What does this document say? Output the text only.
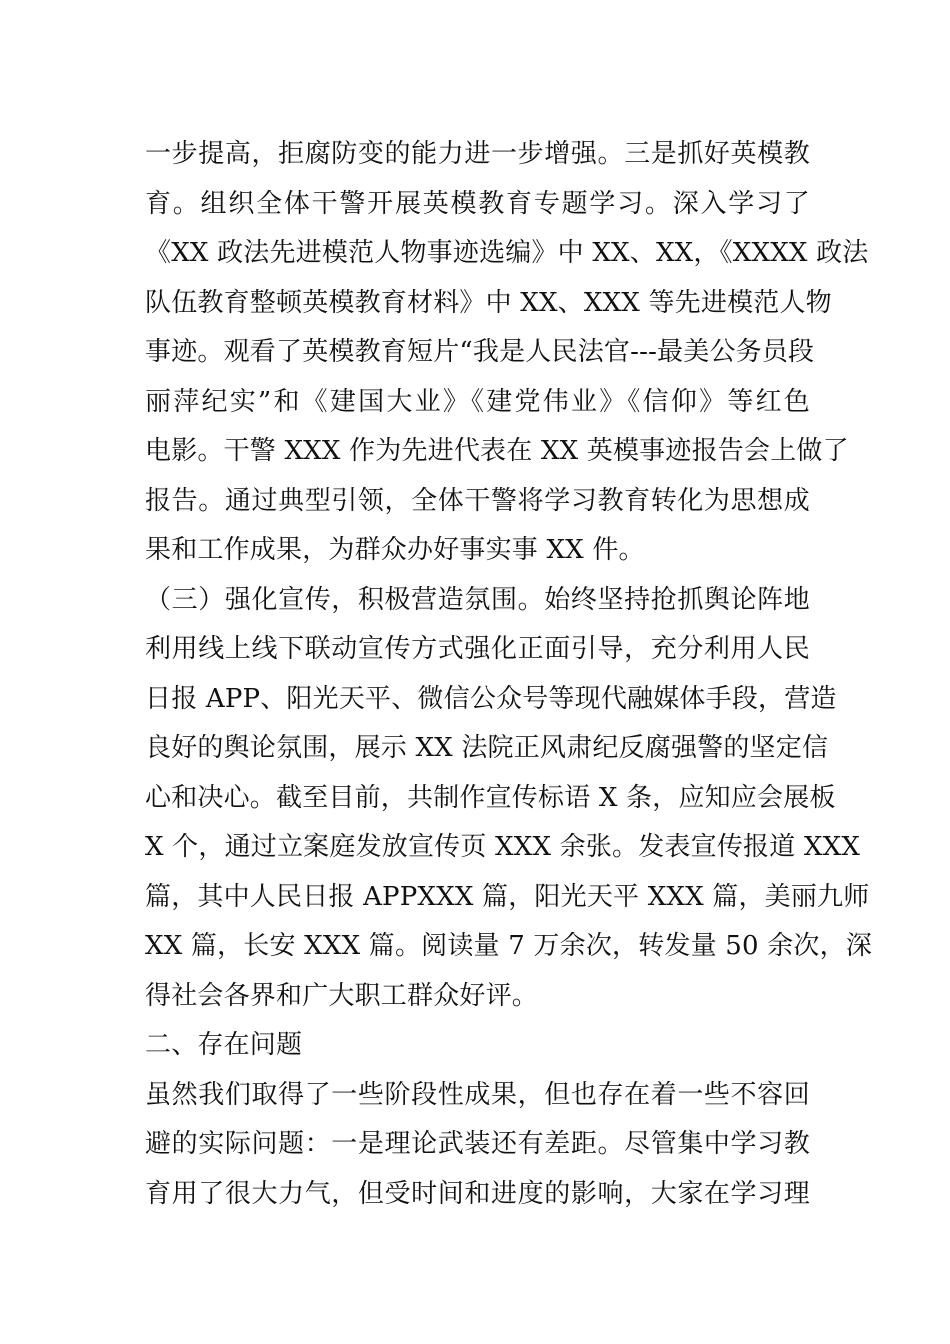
一步提高，拒腐防变的能力进一步增强。三是抓好英模教
育。组织全体干警开展英模教育专题学习。深入学习了
《XX 政法先进模范人物事迹选编》中 XX、XX，《XXXX 政法
队伍教育整顿英模教育材料》中 XX、XXX 等先进模范人物
事迹。观看了英模教育短片“我是人民法官---最美公务员段
丽萍纪实”和《建国大业》《建党伟业》《信仰》等红色
电影。干警 XXX 作为先进代表在 XX 英模事迹报告会上做了
报告。通过典型引领，全体干警将学习教育转化为思想成
果和工作成果，为群众办好事实事 XX 件。
（三）强化宣传，积极营造氛围。始终坚持抢抓舆论阵地
利用线上线下联动宣传方式强化正面引导，充分利用人民
日报 APP、阳光天平、微信公众号等现代融媒体手段，营造
良好的舆论氛围，展示 XX 法院正风肃纪反腐强警的坚定信
心和决心。截至目前，共制作宣传标语 X 条，应知应会展板
X 个，通过立案庭发放宣传页 XXX 余张。发表宣传报道 XXX
篇，其中人民日报 APPXXX 篇，阳光天平 XXX 篇，美丽九师
XX 篇，长安 XXX 篇。阅读量 7 万余次，转发量 50 余次，深
得社会各界和广大职工群众好评。
二、存在问题
虽然我们取得了一些阶段性成果，但也存在着一些不容回
避的实际问题：一是理论武装还有差距。尽管集中学习教
育用了很大力气，但受时间和进度的影响，大家在学习理
